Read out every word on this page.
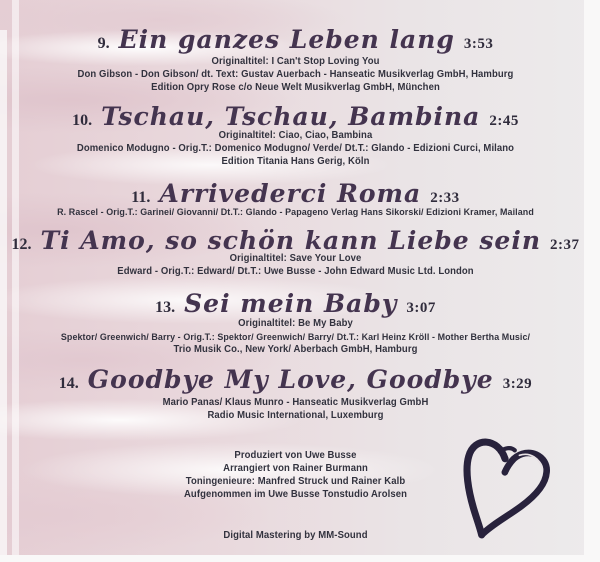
9. Ein ganzes Leben lang 3:53
Originaltitel: I Can't Stop Loving You
Don Gibson - Don Gibson/ dt. Text: Gustav Auerbach - Hanseatic Musikverlag GmbH, Hamburg
Edition Opry Rose c/o Neue Welt Musikverlag GmbH, München
10. Tschau, Tschau, Bambina 2:45
Originaltitel: Ciao, Ciao, Bambina
Domenico Modugno - Orig.T.: Domenico Modugno/ Verde/ Dt.T.: Glando - Edizioni Curci, Milano
Edition Titania Hans Gerig, Köln
11. Arrivederci Roma 2:33
R. Rascel - Orig.T.: Garinei/ Giovanni/ Dt.T.: Glando - Papageno Verlag Hans Sikorski/ Edizioni Kramer, Mailand
12. Ti Amo, so schön kann Liebe sein 2:37
Originaltitel: Save Your Love
Edward - Orig.T.: Edward/ Dt.T.: Uwe Busse - John Edward Music Ltd. London
13. Sei mein Baby 3:07
Originaltitel: Be My Baby
Spektor/ Greenwich/ Barry - Orig.T.: Spektor/ Greenwich/ Barry/ Dt.T.: Karl Heinz Kröll - Mother Bertha Music/
Trio Musik Co., New York/ Aberbach GmbH, Hamburg
14. Goodbye My Love, Goodbye 3:29
Mario Panas/ Klaus Munro - Hanseatic Musikverlag GmbH
Radio Music International, Luxemburg
Produziert von Uwe Busse
Arrangiert von Rainer Burmann
Toningenieure: Manfred Struck und Rainer Kalb
Aufgenommen im Uwe Busse Tonstudio Arolsen
Digital Mastering by MM-Sound
